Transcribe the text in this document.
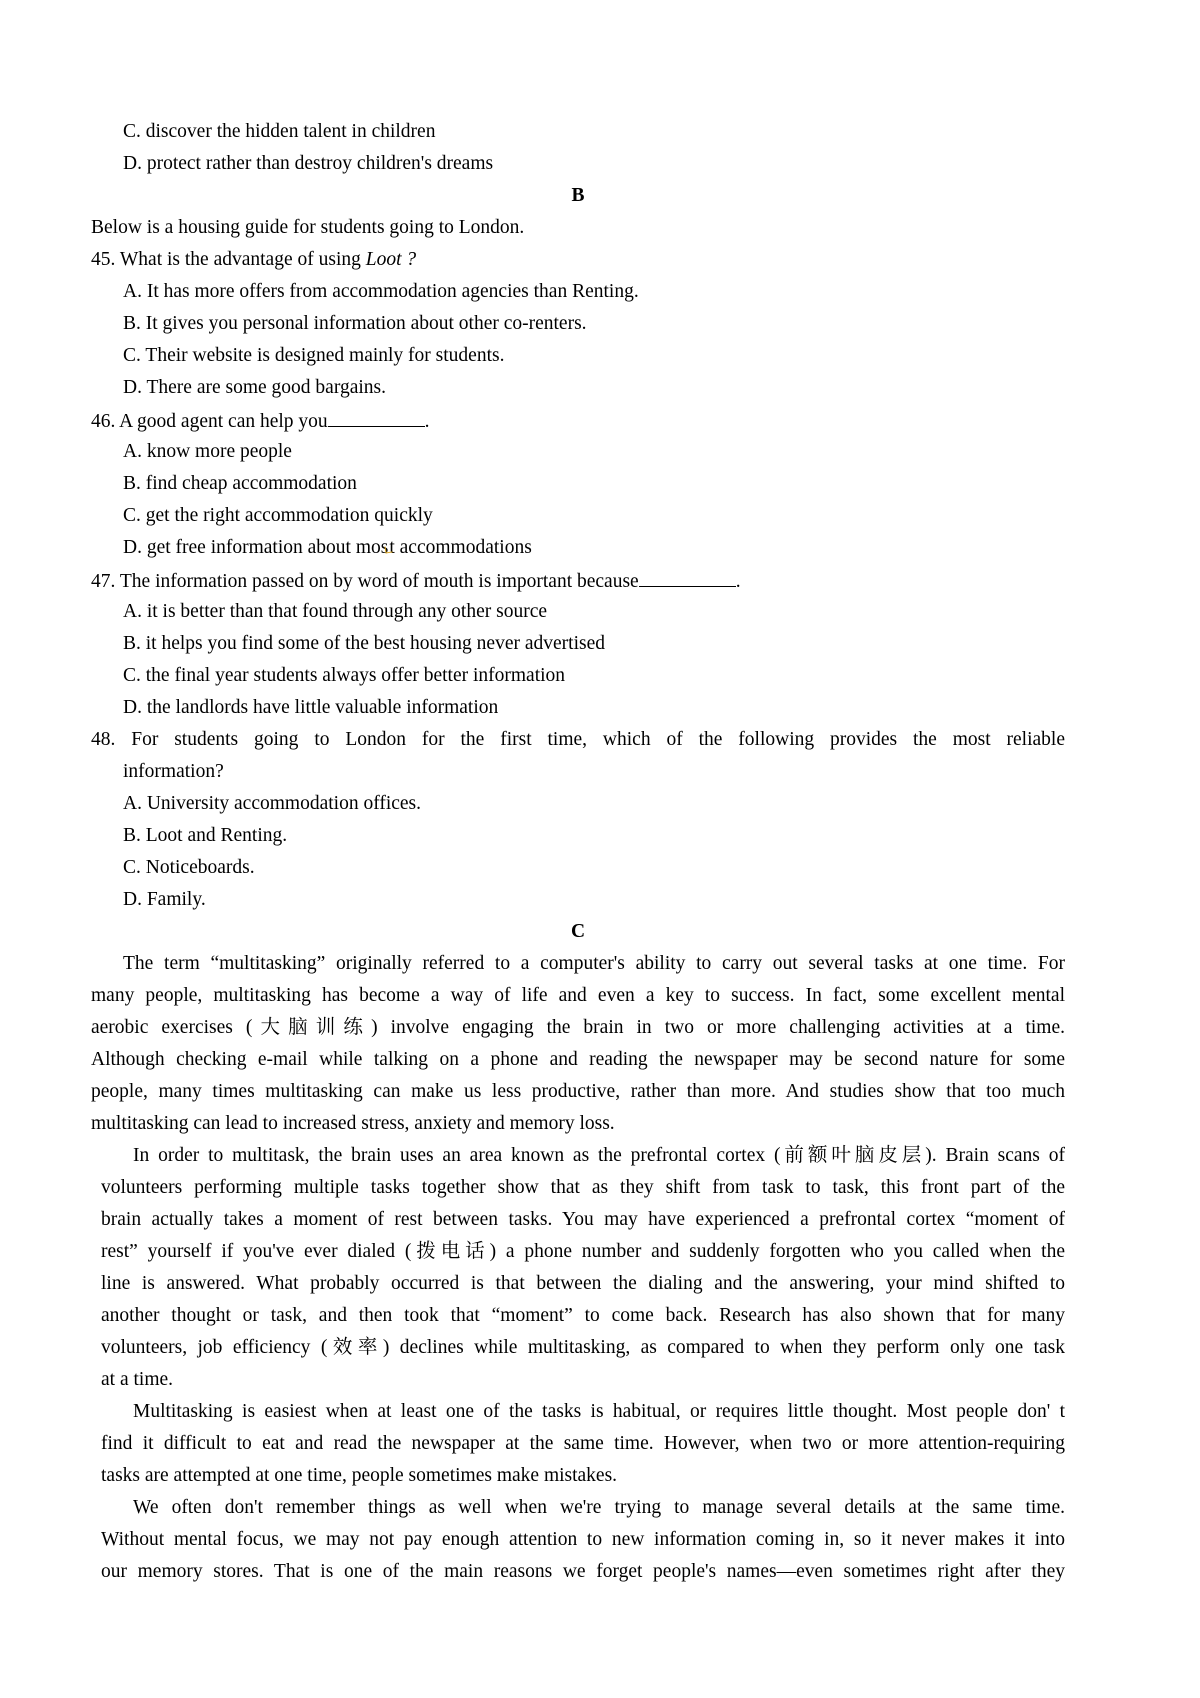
C. discover the hidden talent in children
D. protect rather than destroy children's dreams
B
Below is a housing guide for students going to London.
45. What is the advantage of using Loot ?
A. It has more offers from accommodation agencies than Renting.
B. It gives you personal information about other co-renters.
C. Their website is designed mainly for students.
D. There are some good bargains.
46. A good agent can help you	.
A. know more people
B. find cheap accommodation
C. get the right accommodation quickly
D. get free information about most accommodations
47. The information passed on by word of mouth is important because	.
A. it is better than that found through any other source
B. it helps you find some of the best housing never advertised
C. the final year students always offer better information
D. the landlords have little valuable information
48. For students going to London for the first time, which of the following provides the most reliable
information?
A. University accommodation offices.
B. Loot and Renting.
C. Noticeboards.
D. Family.
C
The term “multitasking” originally referred to a computer's ability to carry out several tasks at one time. For
many people, multitasking has become a way of life and even a key to success. In fact, some excellent mental
aerobic exercises (大脑训练) involve engaging the brain in two or more challenging activities at a time.
Although checking e-mail while talking on a phone and reading the newspaper may be second nature for some
people, many times multitasking can make us less productive, rather than more. And studies show that too much
multitasking can lead to increased stress, anxiety and memory loss.
In order to multitask, the brain uses an area known as the prefrontal cortex (前额叶脑皮层). Brain scans of
volunteers performing multiple tasks together show that as they shift from task to task, this front part of the
brain actually takes a moment of rest between tasks. You may have experienced a prefrontal cortex “moment of
rest” yourself if you've ever dialed (拨电话) a phone number and suddenly forgotten who you called when the
line is answered. What probably occurred is that between the dialing and the answering, your mind shifted to
another thought or task, and then took that “moment” to come back. Research has also shown that for many
volunteers, job efficiency (效率) declines while multitasking, as compared to when they perform only one task
at a time.
Multitasking is easiest when at least one of the tasks is habitual, or requires little thought. Most people don' t
find it difficult to eat and read the newspaper at the same time. However, when two or more attention-requiring
tasks are attempted at one time, people sometimes make mistakes.
We often don't remember things as well when we're trying to manage several details at the same time.
Without mental focus, we may not pay enough attention to new information coming in, so it never makes it into
our memory stores. That is one of the main reasons we forget people's names—even sometimes right after they
